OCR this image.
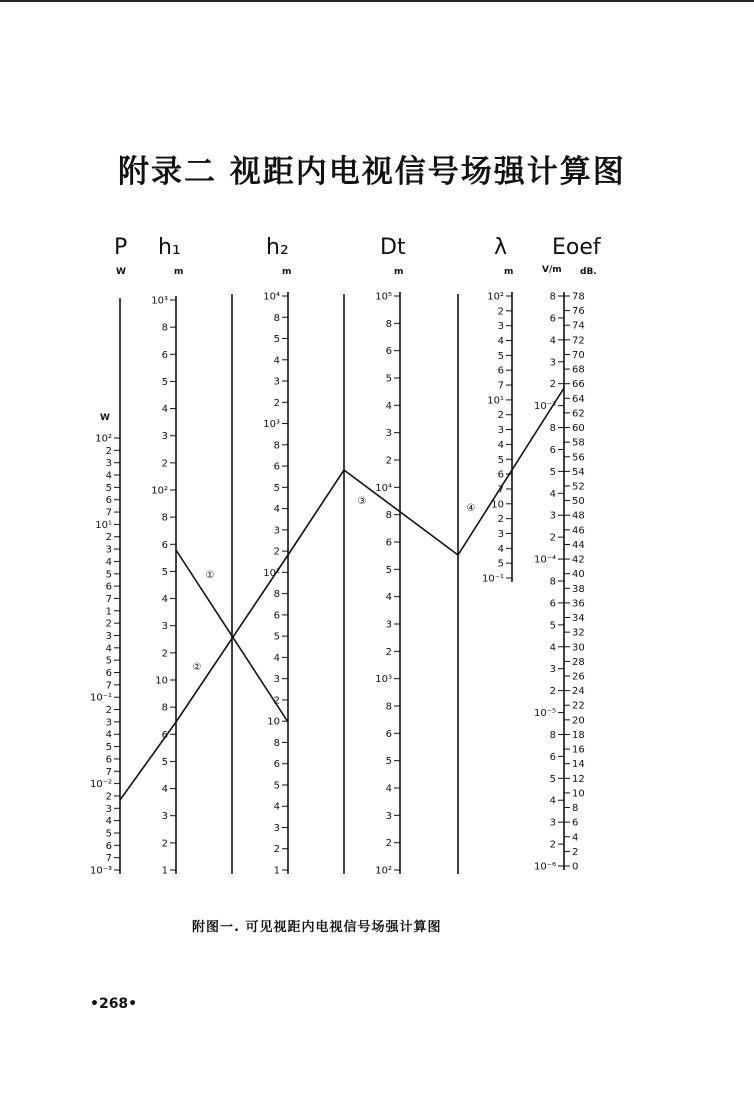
附录二 视距内电视信号场强计算图
P
W
W
10²
2
3
4
5
6
7
10¹
2
3
4
5
6
7
1
2
3
4
5
6
7
10⁻¹
2
3
4
5
6
7
10⁻²
2
3
4
5
6
7
10⁻³
h₁
m
10³
8
6
5
4
3
2
10²
8
6
5
4
3
2
10
8
6
5
4
3
2
1
h₂
m
10⁴
8
5
4
3
2
10³
8
6
5
4
3
2
10²
8
6
5
4
3
2
10
8
6
5
4
3
2
1
Dt
m
10⁵
8
6
5
4
3
2
10⁴
8
6
5
4
3
2
10³
8
6
5
4
3
2
10²
λ
m
10²
2
3
4
5
6
7
10¹
2
3
4
5
6
7
10
2
3
4
5
10⁻¹
Eoef
V/m dB.
8
6
4
3
2
10⁻³
8
6
5
4
3
2
10⁻⁴
8
6
5
4
3
2
10⁻⁵
8
6
5
4
3
2
10⁻⁶
78
76
74
72
70
68
66
64
62
60
58
56
54
52
50
48
46
44
42
40
38
36
34
32
30
28
26
24
22
20
18
16
14
12
10
8
6
4
2
0
①
②
③
④
附图一. 可见视距内电视信号场强计算图
•268•
